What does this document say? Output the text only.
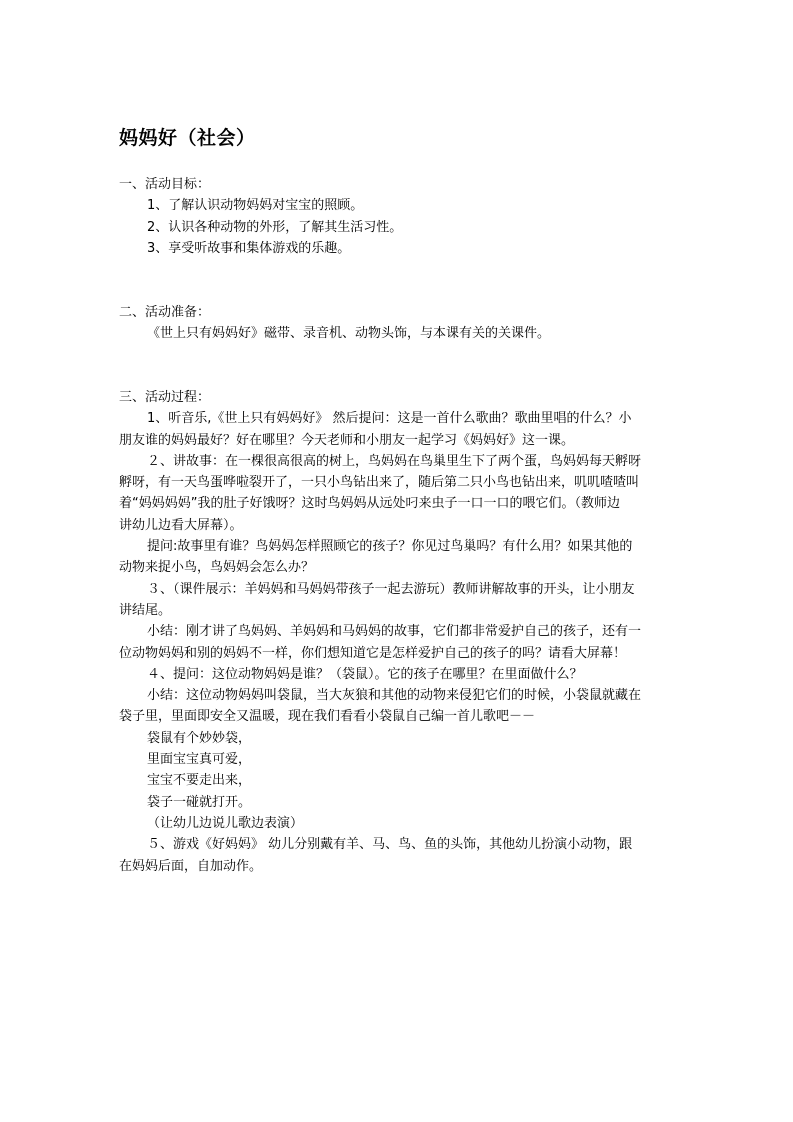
妈妈好（社会）

一、活动目标：

1、了解认识动物妈妈对宝宝的照顾。

2、认识各种动物的外形，了解其生活习性。

3、享受听故事和集体游戏的乐趣。

二、活动准备：

《世上只有妈妈好》磁带、录音机、动物头饰，与本课有关的关课件。

三、活动过程：

1、听音乐,《世上只有妈妈好》 然后提问：这是一首什么歌曲？歌曲里唱的什么？小

朋友谁的妈妈最好？好在哪里？今天老师和小朋友一起学习《妈妈好》这一课。

２、讲故事：在一棵很高很高的树上，鸟妈妈在鸟巢里生下了两个蛋，鸟妈妈每天孵呀

孵呀，有一天鸟蛋哗啦裂开了，一只小鸟钻出来了，随后第二只小鸟也钻出来，叽叽喳喳叫

着“妈妈妈妈”我的肚子好饿呀？这时鸟妈妈从远处叼来虫子一口一口的喂它们。（教师边

讲幼儿边看大屏幕）。

提问:故事里有谁？鸟妈妈怎样照顾它的孩子？你见过鸟巢吗？有什么用？如果其他的

动物来捉小鸟，鸟妈妈会怎么办？

３、（课件展示：羊妈妈和马妈妈带孩子一起去游玩）教师讲解故事的开头，让小朋友

讲结尾。

小结：刚才讲了鸟妈妈、羊妈妈和马妈妈的故事，它们都非常爱护自己的孩子，还有一

位动物妈妈和别的妈妈不一样，你们想知道它是怎样爱护自己的孩子的吗？请看大屏幕！

４、提问：这位动物妈妈是谁？（袋鼠）。它的孩子在哪里？在里面做什么？

小结：这位动物妈妈叫袋鼠，当大灰狼和其他的动物来侵犯它们的时候，小袋鼠就藏在

袋子里，里面即安全又温暖，现在我们看看小袋鼠自己编一首儿歌吧－－

袋鼠有个妙妙袋，

里面宝宝真可爱，

宝宝不要走出来，

袋子一碰就打开。

（让幼儿边说儿歌边表演）

５、游戏《好妈妈》 幼儿分别戴有羊、马、鸟、鱼的头饰，其他幼儿扮演小动物，跟

在妈妈后面，自加动作。
